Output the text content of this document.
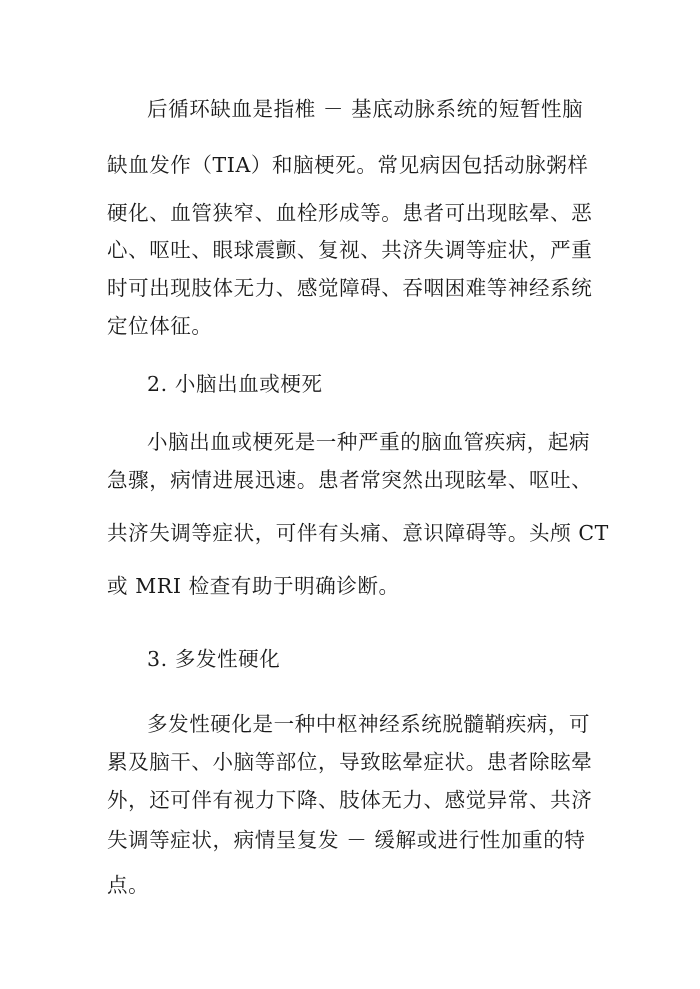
后循环缺血是指椎 － 基底动脉系统的短暂性脑

缺血发作（TIA）和脑梗死。常见病因包括动脉粥样

硬化、血管狭窄、血栓形成等。患者可出现眩晕、恶

心、呕吐、眼球震颤、复视、共济失调等症状，严重

时可出现肢体无力、感觉障碍、吞咽困难等神经系统

定位体征。

2. 小脑出血或梗死

小脑出血或梗死是一种严重的脑血管疾病，起病

急骤，病情进展迅速。患者常突然出现眩晕、呕吐、

共济失调等症状，可伴有头痛、意识障碍等。头颅 CT

或 MRI 检查有助于明确诊断。

3. 多发性硬化

多发性硬化是一种中枢神经系统脱髓鞘疾病，可

累及脑干、小脑等部位，导致眩晕症状。患者除眩晕

外，还可伴有视力下降、肢体无力、感觉异常、共济

失调等症状，病情呈复发 － 缓解或进行性加重的特

点。
